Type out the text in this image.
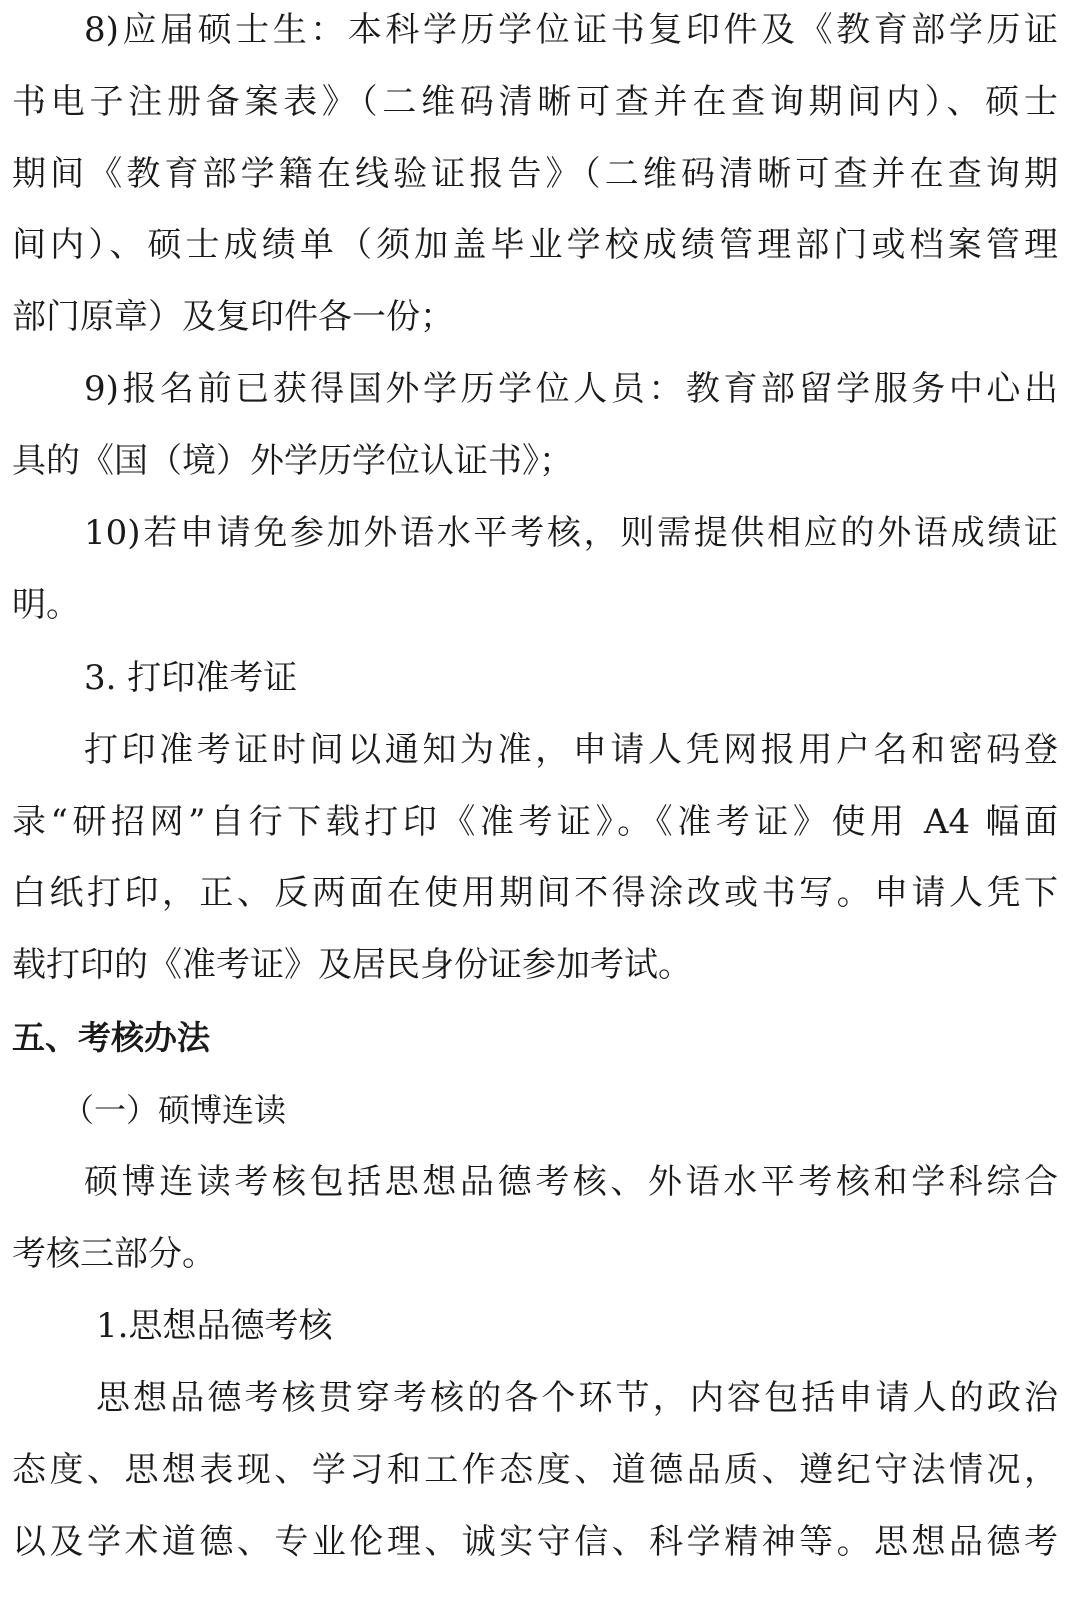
8)应届硕士生：本科学历学位证书复印件及《教育部学历证
书电子注册备案表》（二维码清晰可查并在查询期间内）、硕士
期间《教育部学籍在线验证报告》（二维码清晰可查并在查询期
间内）、硕士成绩单（须加盖毕业学校成绩管理部门或档案管理
部门原章）及复印件各一份；
9)报名前已获得国外学历学位人员：教育部留学服务中心出
具的《国（境）外学历学位认证书》；
10)若申请免参加外语水平考核，则需提供相应的外语成绩证
明。
3. 打印准考证
打印准考证时间以通知为准，申请人凭网报用户名和密码登
录“研招网”自行下载打印《准考证》。《准考证》使用 A4 幅面
白纸打印，正、反两面在使用期间不得涂改或书写。申请人凭下
载打印的《准考证》及居民身份证参加考试。
五、考核办法
（一）硕博连读
硕博连读考核包括思想品德考核、外语水平考核和学科综合
考核三部分。
1.思想品德考核
思想品德考核贯穿考核的各个环节，内容包括申请人的政治
态度、思想表现、学习和工作态度、道德品质、遵纪守法情况，
以及学术道德、专业伦理、诚实守信、科学精神等。思想品德考
